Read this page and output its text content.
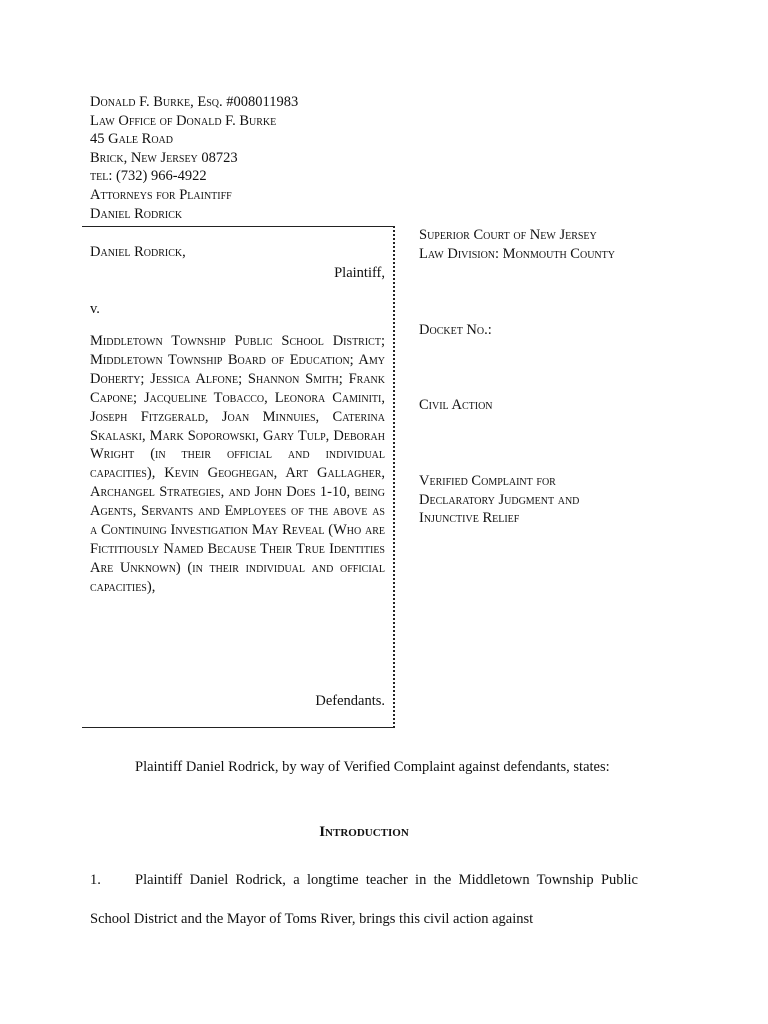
Donald F. Burke, Esq. #008011983
Law Office of Donald F. Burke
45 Gale Road
Brick, New Jersey 08723
tel: (732) 966-4922
Attorneys for Plaintiff
Daniel Rodrick
Daniel Rodrick,
Plaintiff,
v.
Middletown Township Public School District; Middletown Township Board of Education; Amy Doherty; Jessica Alfone; Shannon Smith; Frank Capone; Jacqueline Tobacco, Leonora Caminiti, Joseph Fitzgerald, Joan Minnuies, Caterina Skalaski, Mark Soporowski, Gary Tulp, Deborah Wright (in their official and individual capacities), Kevin Geoghegan, Art Gallagher, Archangel Strategies, and John Does 1-10, being Agents, Servants and Employees of the above as a Continuing Investigation May Reveal (Who are Fictitiously Named Because Their True Identities Are Unknown) (in their individual and official capacities),
Defendants.
Superior Court of New Jersey
Law Division: Monmouth County
Docket No.:
Civil Action
Verified Complaint for
Declaratory Judgment and
Injunctive Relief
Plaintiff Daniel Rodrick, by way of Verified Complaint against defendants, states:
Introduction
1. Plaintiff Daniel Rodrick, a longtime teacher in the Middletown Township Public School District and the Mayor of Toms River, brings this civil action against
